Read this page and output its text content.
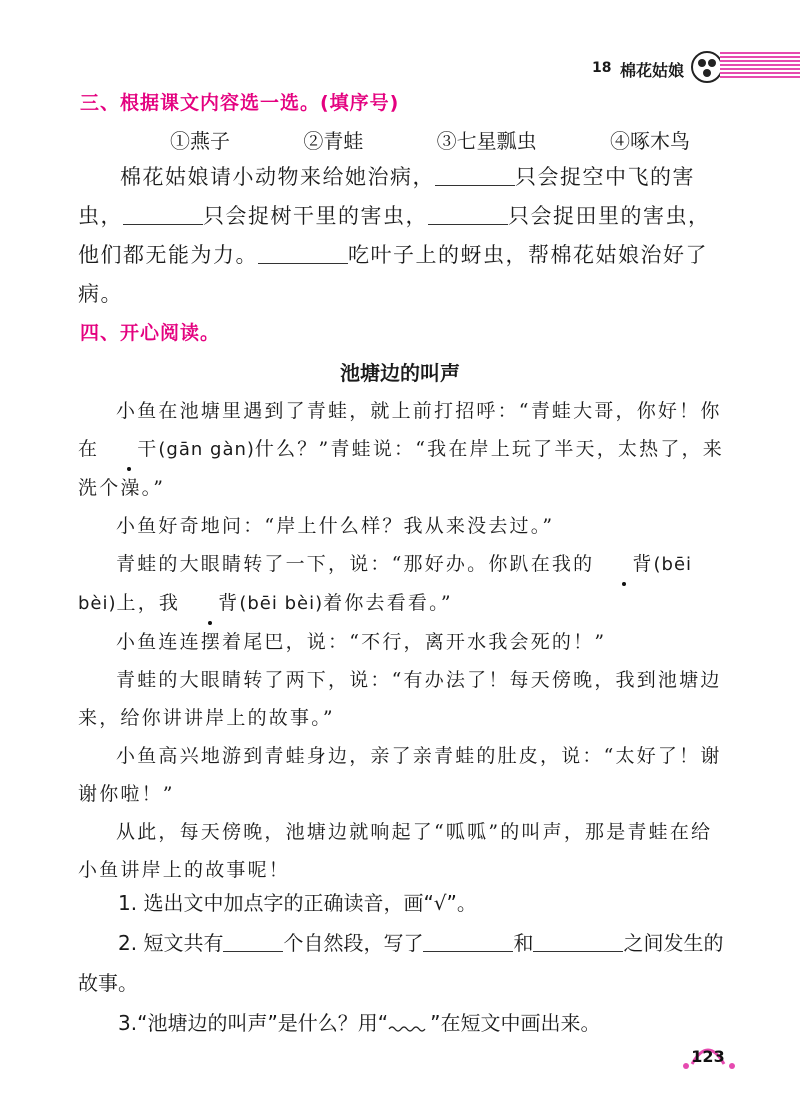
18 棉花姑娘
三、根据课文内容选一选。(填序号)
①燕子	②青蛙	③七星瓢虫	④啄木鸟
棉花姑娘请小动物来给她治病，	只会捉空中飞的害虫，	只会捉树干里的害虫，	只会捉田里的害虫，他们都无能为力。	吃叶子上的蚜虫，帮棉花姑娘治好了病。
四、开心阅读。
池塘边的叫声

小鱼在池塘里遇到了青蛙，就上前打招呼：“青蛙大哥，你好！你在 干(gān gàn)什么？”青蛙说：“我在岸上玩了半天，太热了，来洗个澡。”

小鱼好奇地问：“岸上什么样？我从来没去过。”

青蛙的大眼睛转了一下，说：“那好办。你趴在我的 背(bēi bèi)上，我 背(bēi bèi)着你去看看。”

小鱼连连摆着尾巴，说：“不行，离开水我会死的！”

青蛙的大眼睛转了两下，说：“有办法了！每天傍晚，我到池塘边来，给你讲讲岸上的故事。”

小鱼高兴地游到青蛙身边，亲了亲青蛙的肚皮，说：“太好了！谢谢你啦！”

从此，每天傍晚，池塘边就响起了“呱呱”的叫声，那是青蛙在给小鱼讲岸上的故事呢！

1. 选出文中加点字的正确读音，画“√”。

2. 短文共有	个自然段，写了	和	之间发生的故事。

3.“池塘边的叫声”是什么？用“ ”在短文中画出来。

123
